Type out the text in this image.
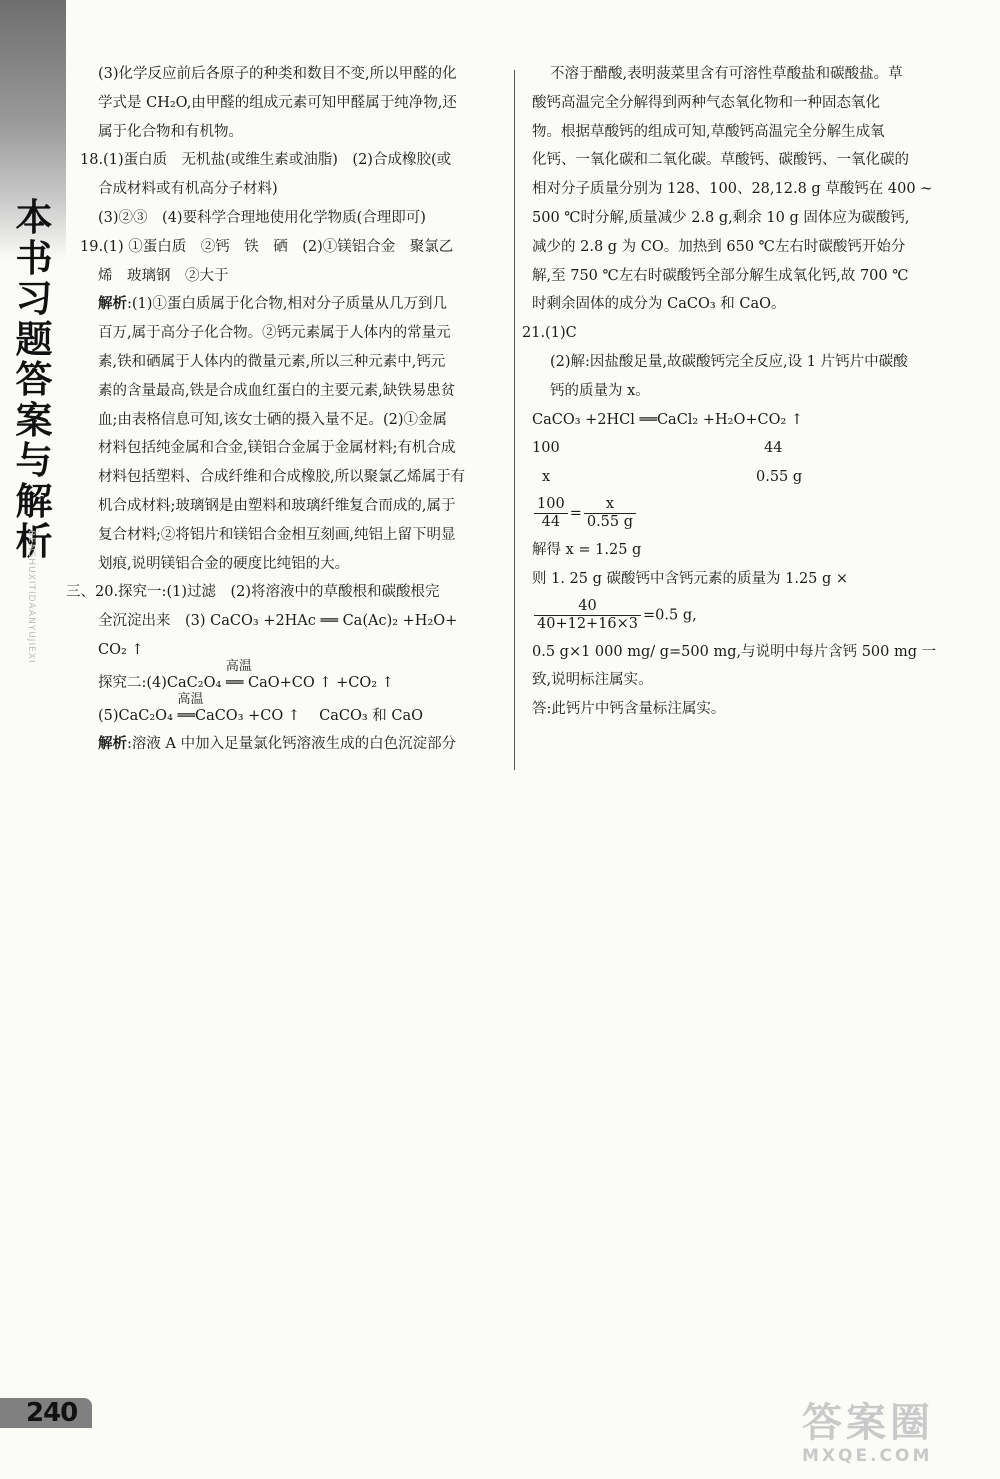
本
书
习
题
答
案
与
解
析
BENSHUXITIDAANYUJIEXI
(3)化学反应前后各原子的种类和数目不变,所以甲醛的化
学式是 CH₂O,由甲醛的组成元素可知甲醛属于纯净物,还
属于化合物和有机物。
18.(1)蛋白质　无机盐(或维生素或油脂)　(2)合成橡胶(或
合成材料或有机高分子材料)
(3)②③　(4)要科学合理地使用化学物质(合理即可)
19.(1) ①蛋白质　②钙　铁　硒　(2)①镁铝合金　聚氯乙
烯　玻璃钢　②大于
解析:(1)①蛋白质属于化合物,相对分子质量从几万到几
百万,属于高分子化合物。②钙元素属于人体内的常量元
素,铁和硒属于人体内的微量元素,所以三种元素中,钙元
素的含量最高,铁是合成血红蛋白的主要元素,缺铁易患贫
血;由表格信息可知,该女士硒的摄入量不足。(2)①金属
材料包括纯金属和合金,镁铝合金属于金属材料;有机合成
材料包括塑料、合成纤维和合成橡胶,所以聚氯乙烯属于有
机合成材料;玻璃钢是由塑料和玻璃纤维复合而成的,属于
复合材料;②将铝片和镁铝合金相互刻画,纯铝上留下明显
划痕,说明镁铝合金的硬度比纯铝的大。
三、20.探究一:(1)过滤　(2)将溶液中的草酸根和碳酸根完
全沉淀出来　(3) CaCO₃ +2HAc ══ Ca(Ac)₂ +H₂O+
CO₂ ↑
探究二:(4)CaC₂O₄
高温
══ CaO+CO ↑ +CO₂ ↑
(5)CaC₂O₄
高温
══CaCO₃ +CO ↑　 CaCO₃ 和 CaO
解析:溶液 A 中加入足量氯化钙溶液生成的白色沉淀部分
不溶于醋酸,表明菠菜里含有可溶性草酸盐和碳酸盐。草
酸钙高温完全分解得到两种气态氧化物和一种固态氧化
物。根据草酸钙的组成可知,草酸钙高温完全分解生成氧
化钙、一氧化碳和二氧化碳。草酸钙、碳酸钙、一氧化碳的
相对分子质量分别为 128、100、28,12.8 g 草酸钙在 400 ~
500 ℃时分解,质量减少 2.8 g,剩余 10 g 固体应为碳酸钙,
减少的 2.8 g 为 CO。加热到 650 ℃左右时碳酸钙开始分
解,至 750 ℃左右时碳酸钙全部分解生成氧化钙,故 700 ℃
时剩余固体的成分为 CaCO₃ 和 CaO。
21.(1)C
(2)解:因盐酸足量,故碳酸钙完全反应,设 1 片钙片中碳酸
钙的质量为 x。
CaCO₃ +2HCl ══CaCl₂ +H₂O+CO₂ ↑
100	44
x	0.55 g
$\frac{100}{44} = \frac{x}{0.55 g}$
解得 x = 1.25 g
则 1. 25 g 碳酸钙中含钙元素的质量为 1.25 g ×
$\frac{40}{40+12+16\times 3} =0.5$ g,
0.5 g×1 000 mg/ g=500 mg,与说明中每片含钙 500 mg 一
致,说明标注属实。
答:此钙片中钙含量标注属实。
240	答案圈
MXQE.COM
